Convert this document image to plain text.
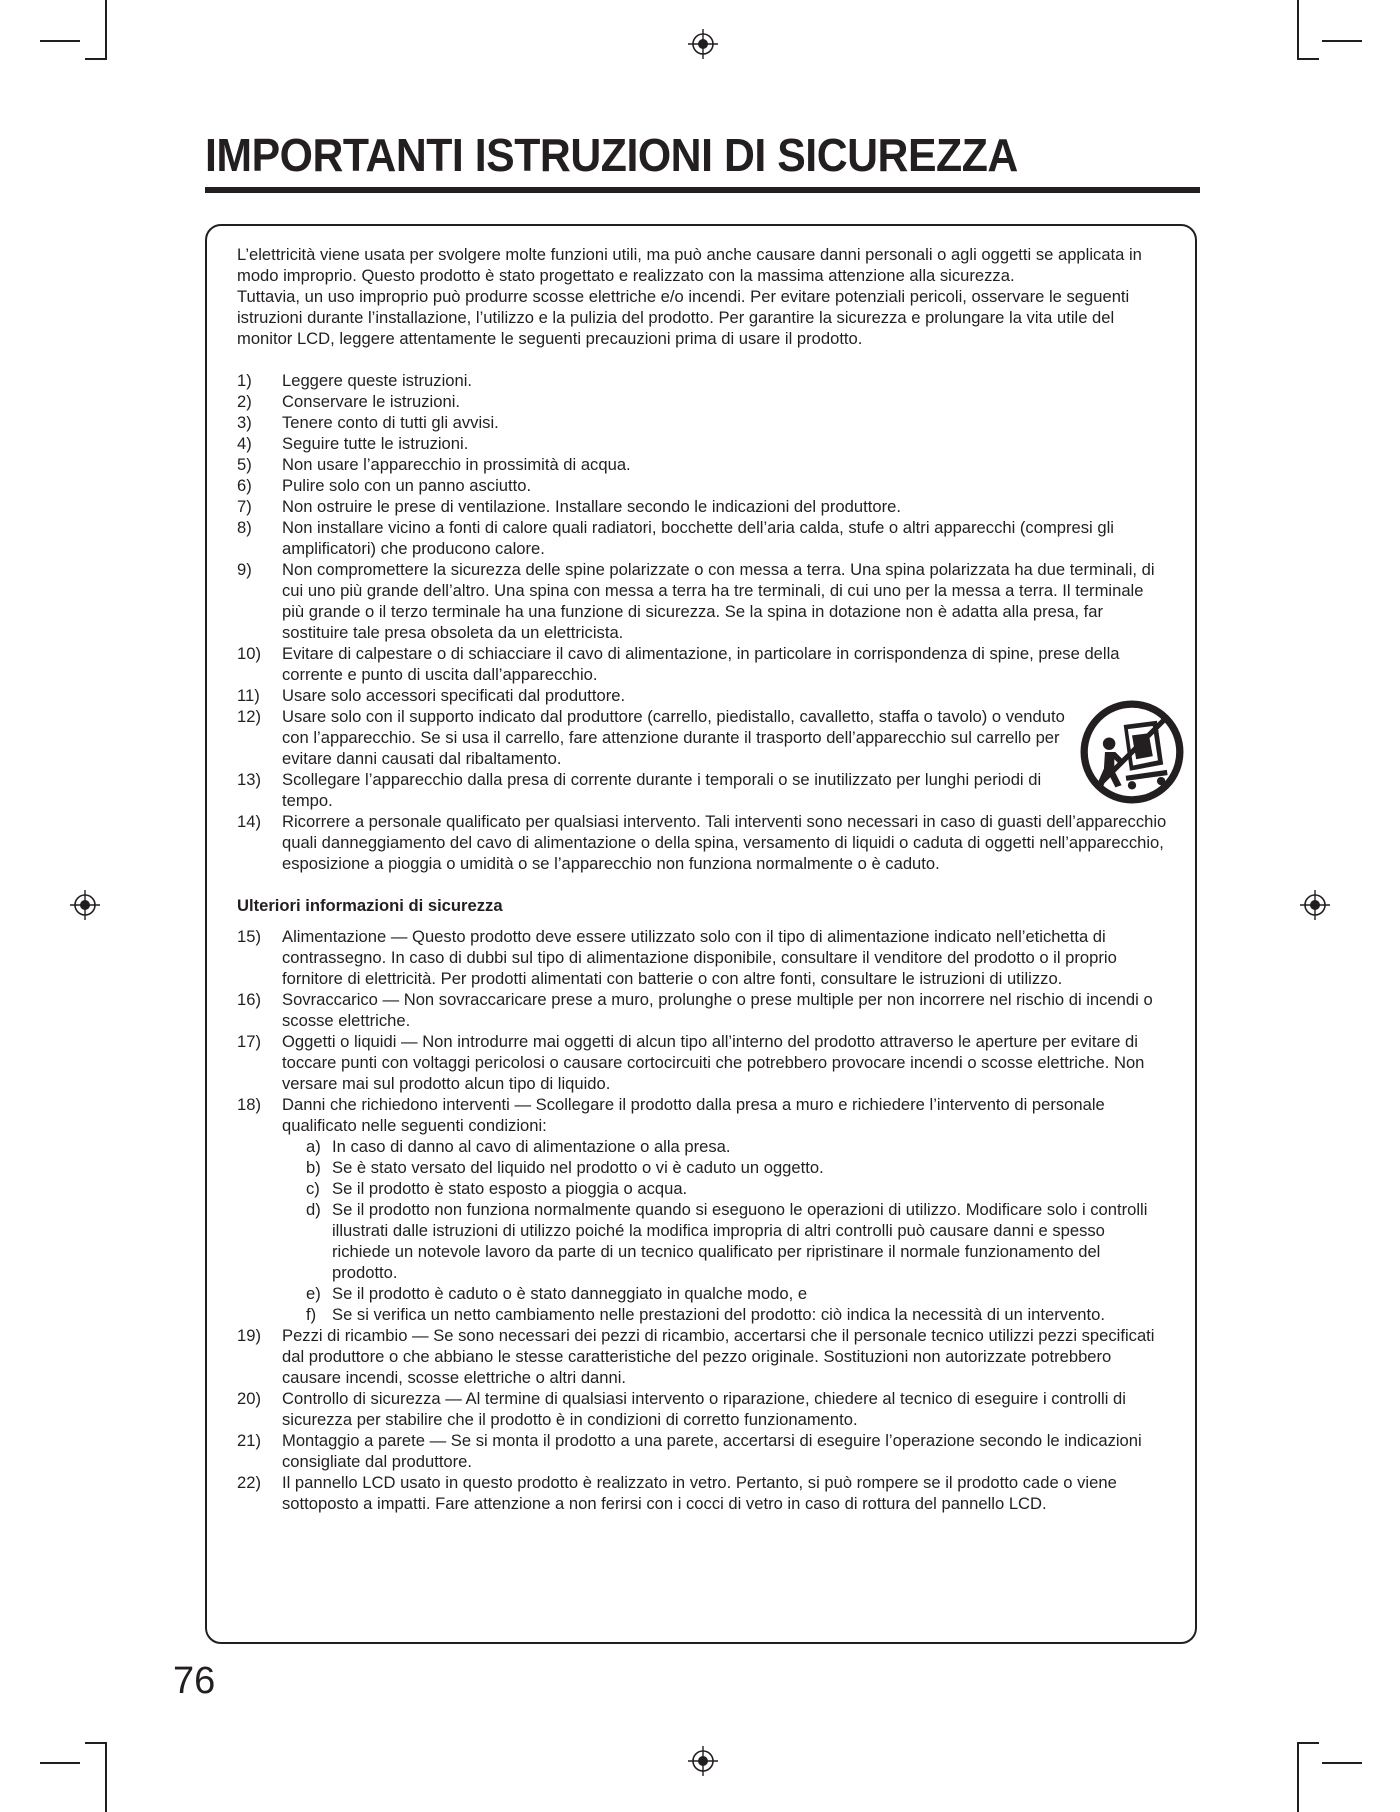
IMPORTANTI ISTRUZIONI DI SICUREZZA

L’elettricità viene usata per svolgere molte funzioni utili, ma può anche causare danni personali o agli oggetti se applicata in modo improprio. Questo prodotto è stato progettato e realizzato con la massima attenzione alla sicurezza.

Tuttavia, un uso improprio può produrre scosse elettriche e/o incendi. Per evitare potenziali pericoli, osservare le seguenti istruzioni durante l’installazione, l’utilizzo e la pulizia del prodotto. Per garantire la sicurezza e prolungare la vita utile del monitor LCD, leggere attentamente le seguenti precauzioni prima di usare il prodotto.

1)	Leggere queste istruzioni.
2)	Conservare le istruzioni.
3)	Tenere conto di tutti gli avvisi.
4)	Seguire tutte le istruzioni.
5)	Non usare l’apparecchio in prossimità di acqua.
6)	Pulire solo con un panno asciutto.
7)	Non ostruire le prese di ventilazione. Installare secondo le indicazioni del produttore.
8)	Non installare vicino a fonti di calore quali radiatori, bocchette dell’aria calda, stufe o altri apparecchi (compresi gli amplificatori) che producono calore.
9)	Non compromettere la sicurezza delle spine polarizzate o con messa a terra. Una spina polarizzata ha due terminali, di cui uno più grande dell’altro. Una spina con messa a terra ha tre terminali, di cui uno per la messa a terra. Il terminale più grande o il terzo terminale ha una funzione di sicurezza. Se la spina in dotazione non è adatta alla presa, far sostituire tale presa obsoleta da un elettricista.
10)	Evitare di calpestare o di schiacciare il cavo di alimentazione, in particolare in corrispondenza di spine, prese della corrente e punto di uscita dall’apparecchio.
11)	Usare solo accessori specificati dal produttore.
12)	Usare solo con il supporto indicato dal produttore (carrello, piedistallo, cavalletto, staffa o tavolo) o venduto con l’apparecchio. Se si usa il carrello, fare attenzione durante il trasporto dell’apparecchio sul carrello per evitare danni causati dal ribaltamento.
13)	Scollegare l’apparecchio dalla presa di corrente durante i temporali o se inutilizzato per lunghi periodi di tempo.
14)	Ricorrere a personale qualificato per qualsiasi intervento. Tali interventi sono necessari in caso di guasti dell’apparecchio quali danneggiamento del cavo di alimentazione o della spina, versamento di liquidi o caduta di oggetti nell’apparecchio, esposizione a pioggia o umidità o se l’apparecchio non funziona normalmente o è caduto.

Ulteriori informazioni di sicurezza

15)	Alimentazione — Questo prodotto deve essere utilizzato solo con il tipo di alimentazione indicato nell’etichetta di contrassegno. In caso di dubbi sul tipo di alimentazione disponibile, consultare il venditore del prodotto o il proprio fornitore di elettricità. Per prodotti alimentati con batterie o con altre fonti, consultare le istruzioni di utilizzo.
16)	Sovraccarico — Non sovraccaricare prese a muro, prolunghe o prese multiple per non incorrere nel rischio di incendi o scosse elettriche.
17)	Oggetti o liquidi — Non introdurre mai oggetti di alcun tipo all’interno del prodotto attraverso le aperture per evitare di toccare punti con voltaggi pericolosi o causare cortocircuiti che potrebbero provocare incendi o scosse elettriche. Non versare mai sul prodotto alcun tipo di liquido.
18)	Danni che richiedono interventi — Scollegare il prodotto dalla presa a muro e richiedere l’intervento di personale qualificato nelle seguenti condizioni:
a) In caso di danno al cavo di alimentazione o alla presa.
b) Se è stato versato del liquido nel prodotto o vi è caduto un oggetto.
c) Se il prodotto è stato esposto a pioggia o acqua.
d) Se il prodotto non funziona normalmente quando si eseguono le operazioni di utilizzo. Modificare solo i controlli illustrati dalle istruzioni di utilizzo poiché la modifica impropria di altri controlli può causare danni e spesso richiede un notevole lavoro da parte di un tecnico qualificato per ripristinare il normale funzionamento del prodotto.
e) Se il prodotto è caduto o è stato danneggiato in qualche modo, e
f) Se si verifica un netto cambiamento nelle prestazioni del prodotto: ciò indica la necessità di un intervento.
19)	Pezzi di ricambio — Se sono necessari dei pezzi di ricambio, accertarsi che il personale tecnico utilizzi pezzi specificati dal produttore o che abbiano le stesse caratteristiche del pezzo originale. Sostituzioni non autorizzate potrebbero causare incendi, scosse elettriche o altri danni.
20)	Controllo di sicurezza — Al termine di qualsiasi intervento o riparazione, chiedere al tecnico di eseguire i controlli di sicurezza per stabilire che il prodotto è in condizioni di corretto funzionamento.
21)	Montaggio a parete — Se si monta il prodotto a una parete, accertarsi di eseguire l’operazione secondo le indicazioni consigliate dal produttore.
22)	Il pannello LCD usato in questo prodotto è realizzato in vetro. Pertanto, si può rompere se il prodotto cade o viene sottoposto a impatti. Fare attenzione a non ferirsi con i cocci di vetro in caso di rottura del pannello LCD.

76
